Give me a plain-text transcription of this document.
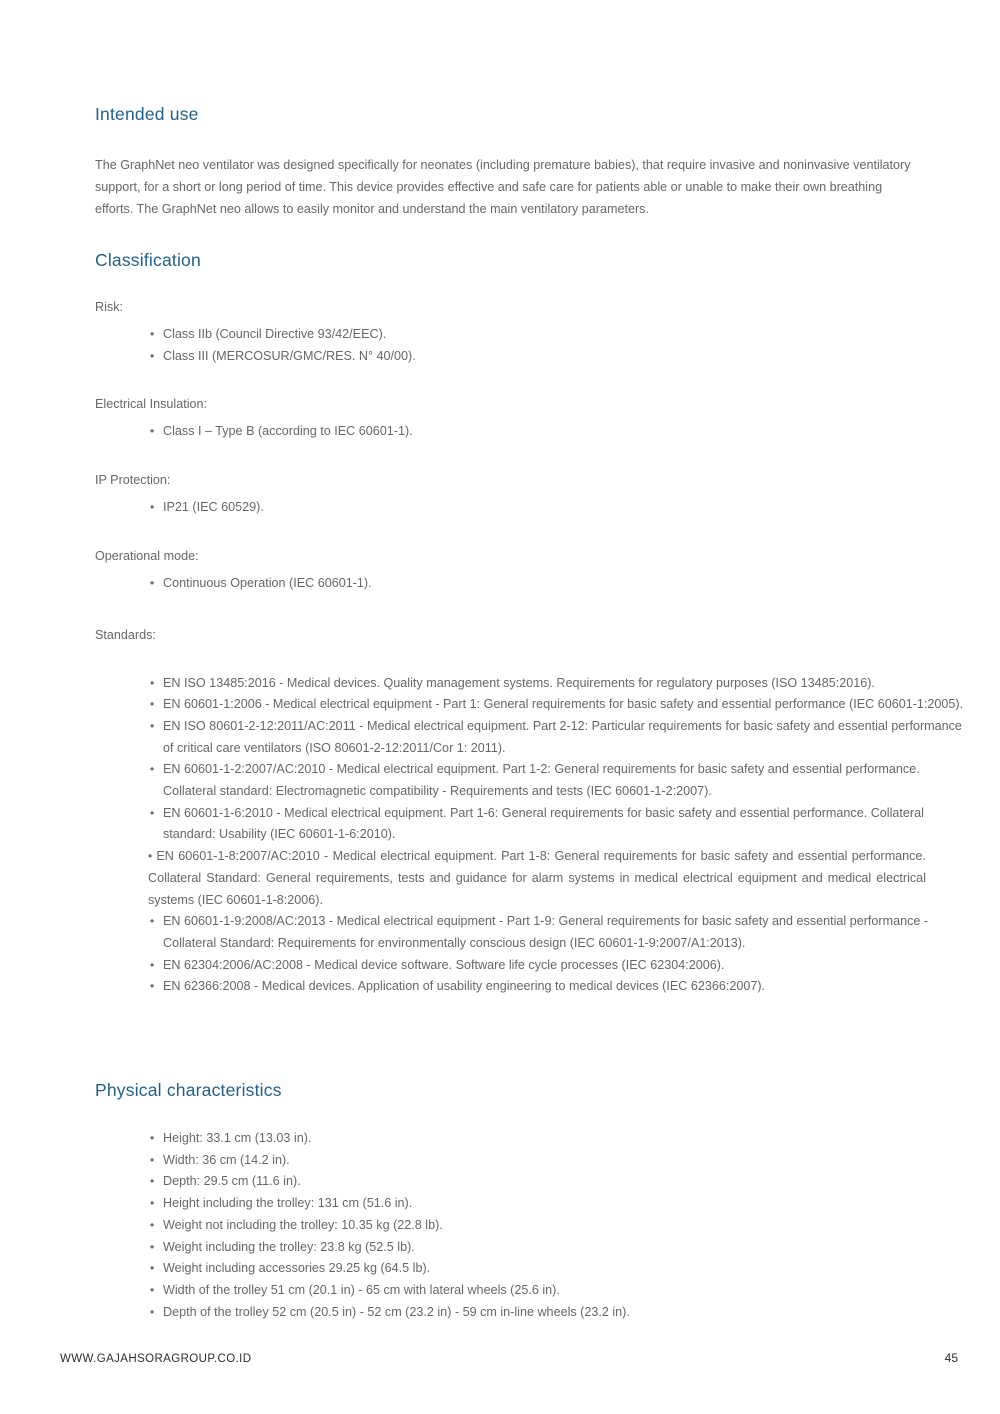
Intended use

The GraphNet neo ventilator was designed specifically for neonates (including premature babies), that require invasive and noninvasive ventilatory support, for a short or long period of time. This device provides effective and safe care for patients able or unable to make their own breathing efforts. The GraphNet neo allows to easily monitor and understand the main ventilatory parameters.

Classification
Risk:
• Class IIb (Council Directive 93/42/EEC).
• Class III (MERCOSUR/GMC/RES. N° 40/00).
Electrical Insulation:
• Class I – Type B (according to IEC 60601-1).
IP Protection:
• IP21 (IEC 60529).
Operational mode:
• Continuous Operation (IEC 60601-1).
Standards:
• EN ISO 13485:2016 - Medical devices. Quality management systems. Requirements for regulatory purposes (ISO 13485:2016).
• EN 60601-1:2006 - Medical electrical equipment - Part 1: General requirements for basic safety and essential performance (IEC 60601-1:2005).
• EN ISO 80601-2-12:2011/AC:2011 - Medical electrical equipment. Part 2-12: Particular requirements for basic safety and essential performance of critical care ventilators (ISO 80601-2-12:2011/Cor 1: 2011).
• EN 60601-1-2:2007/AC:2010 - Medical electrical equipment. Part 1-2: General requirements for basic safety and essential performance. Collateral standard: Electromagnetic compatibility - Requirements and tests (IEC 60601-1-2:2007).
• EN 60601-1-6:2010 - Medical electrical equipment. Part 1-6: General requirements for basic safety and essential performance. Collateral standard: Usability (IEC 60601-1-6:2010).
• EN 60601-1-8:2007/AC:2010 - Medical electrical equipment. Part 1-8: General requirements for basic safety and essential performance. Collateral Standard: General requirements, tests and guidance for alarm systems in medical electrical equipment and medical electrical systems (IEC 60601-1-8:2006).
• EN 60601-1-9:2008/AC:2013 - Medical electrical equipment - Part 1-9: General requirements for basic safety and essential performance - Collateral Standard: Requirements for environmentally conscious design (IEC 60601-1-9:2007/A1:2013).
• EN 62304:2006/AC:2008 - Medical device software. Software life cycle processes (IEC 62304:2006).
• EN 62366:2008 - Medical devices. Application of usability engineering to medical devices (IEC 62366:2007).
Physical characteristics
• Height: 33.1 cm (13.03 in).
• Width: 36 cm (14.2 in).
• Depth: 29.5 cm (11.6 in).
• Height including the trolley: 131 cm (51.6 in).
• Weight not including the trolley: 10.35 kg (22.8 lb).
• Weight including the trolley: 23.8 kg (52.5 lb).
• Weight including accessories 29.25 kg (64.5 lb).
• Width of the trolley 51 cm (20.1 in) - 65 cm with lateral wheels (25.6 in).
• Depth of the trolley 52 cm (20.5 in) - 52 cm (23.2 in) - 59 cm in-line wheels (23.2 in).
WWW.GAJAHSORAGROUP.CO.ID	45
